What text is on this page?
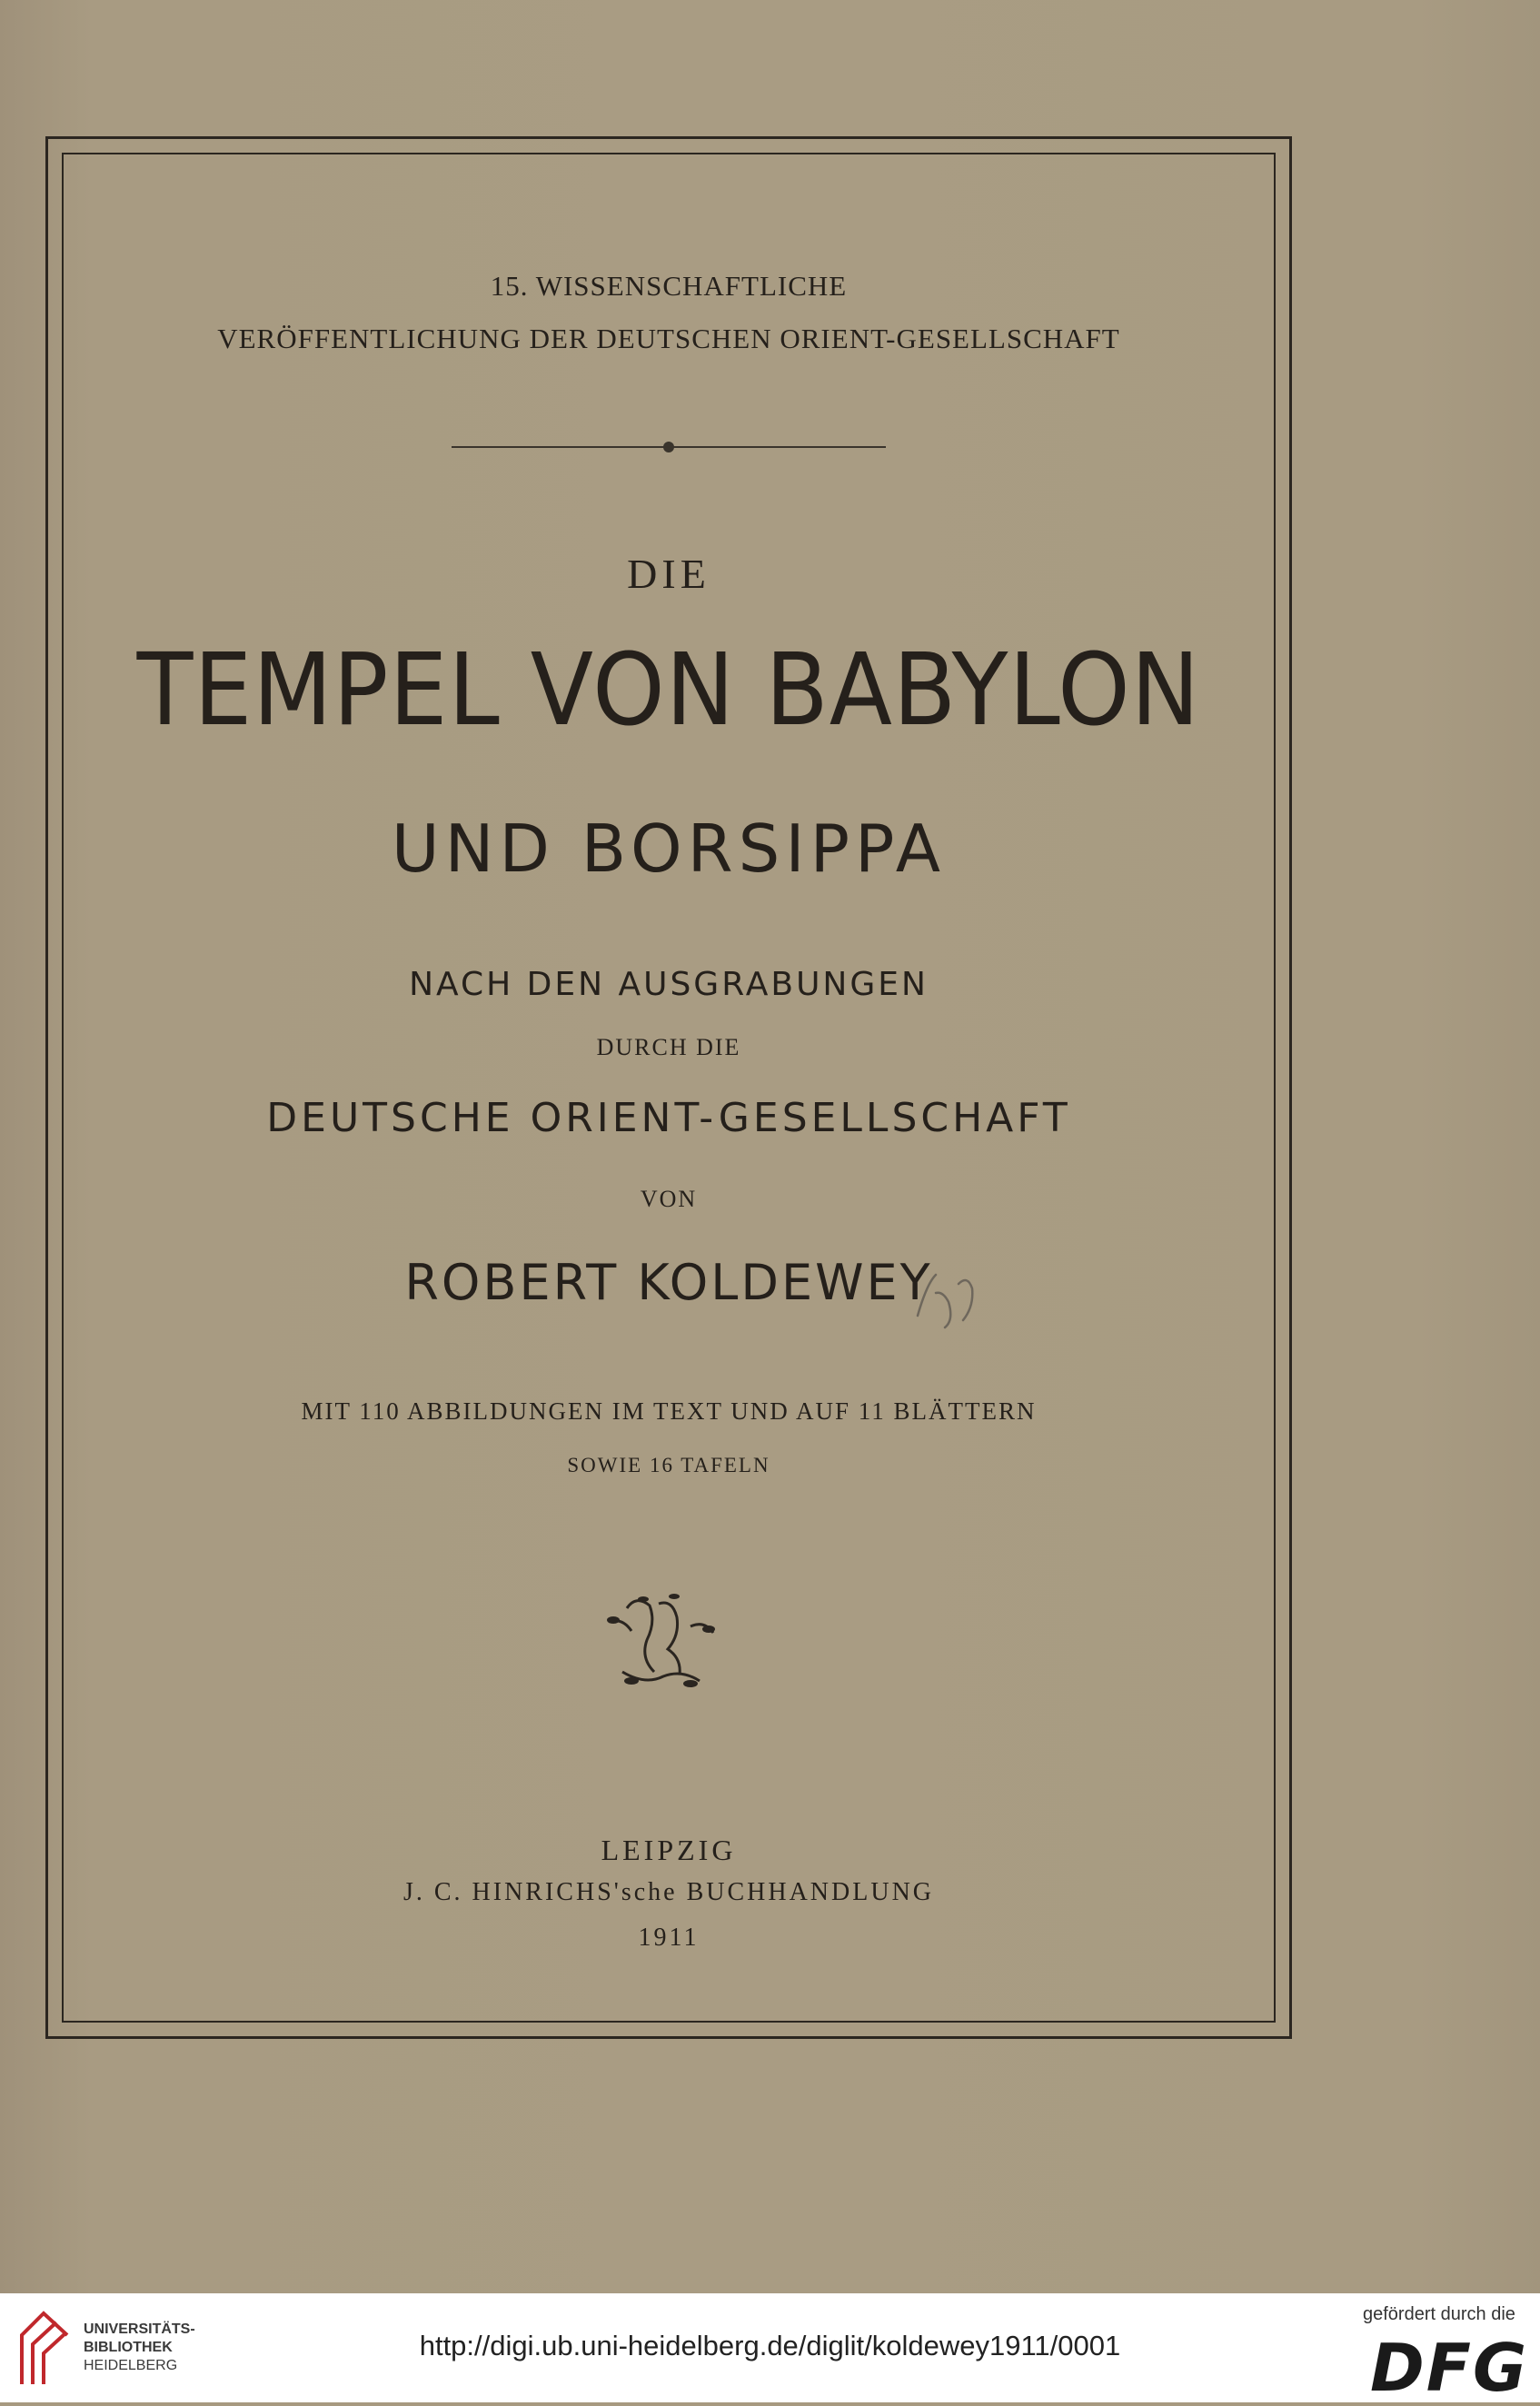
15. WISSENSCHAFTLICHE
VERÖFFENTLICHUNG DER DEUTSCHEN ORIENT-GESELLSCHAFT
DIE
TEMPEL VON BABYLON
UND BORSIPPA
NACH DEN AUSGRABUNGEN
DURCH DIE
DEUTSCHE ORIENT-GESELLSCHAFT
VON
ROBERT KOLDEWEY
MIT 110 ABBILDUNGEN IM TEXT UND AUF 11 BLÄTTERN
SOWIE 16 TAFELN
LEIPZIG
J. C. HINRICHS'sche BUCHHANDLUNG
1911
UNIVERSITÄTS-
BIBLIOTHEK
HEIDELBERG
http://digi.ub.uni-heidelberg.de/diglit/koldewey1911/0001
gefördert durch die
DFG
